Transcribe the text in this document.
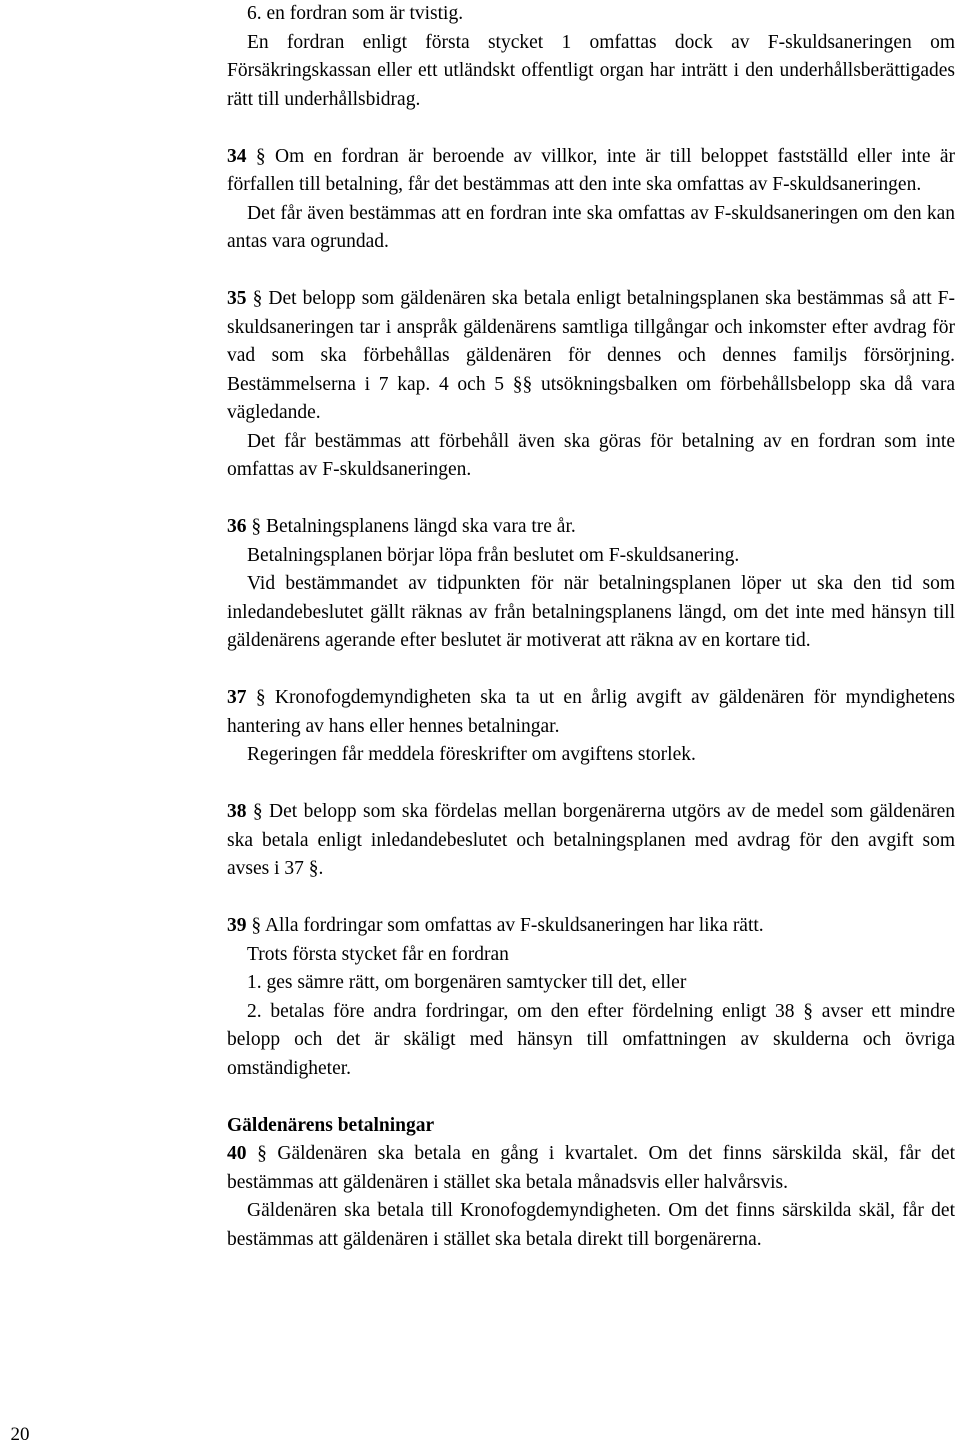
6. en fordran som är tvistig.

En fordran enligt första stycket 1 omfattas dock av F-skuldsaneringen om Försäkringskassan eller ett utländskt offentligt organ har inträtt i den underhållsberättigades rätt till underhållsbidrag.

34 § Om en fordran är beroende av villkor, inte är till beloppet fastställd eller inte är förfallen till betalning, får det bestämmas att den inte ska omfattas av F-skuldsaneringen.

Det får även bestämmas att en fordran inte ska omfattas av F-skuldsaneringen om den kan antas vara ogrundad.

35 § Det belopp som gäldenären ska betala enligt betalningsplanen ska bestämmas så att F-skuldsaneringen tar i anspråk gäldenärens samtliga tillgångar och inkomster efter avdrag för vad som ska förbehållas gäldenären för dennes och dennes familjs försörjning. Bestämmelserna i 7 kap. 4 och 5 §§ utsökningsbalken om förbehållsbelopp ska då vara vägledande.

Det får bestämmas att förbehåll även ska göras för betalning av en fordran som inte omfattas av F-skuldsaneringen.

36 § Betalningsplanens längd ska vara tre år.

Betalningsplanen börjar löpa från beslutet om F-skuldsanering.

Vid bestämmandet av tidpunkten för när betalningsplanen löper ut ska den tid som inledandebeslutet gällt räknas av från betalningsplanens längd, om det inte med hänsyn till gäldenärens agerande efter beslutet är motiverat att räkna av en kortare tid.

37 § Kronofogdemyndigheten ska ta ut en årlig avgift av gäldenären för myndighetens hantering av hans eller hennes betalningar.

Regeringen får meddela föreskrifter om avgiftens storlek.

38 § Det belopp som ska fördelas mellan borgenärerna utgörs av de medel som gäldenären ska betala enligt inledandebeslutet och betalningsplanen med avdrag för den avgift som avses i 37 §.

39 § Alla fordringar som omfattas av F-skuldsaneringen har lika rätt.

Trots första stycket får en fordran

1. ges sämre rätt, om borgenären samtycker till det, eller

2. betalas före andra fordringar, om den efter fördelning enligt 38 § avser ett mindre belopp och det är skäligt med hänsyn till omfattningen av skulderna och övriga omständigheter.

Gäldenärens betalningar

40 § Gäldenären ska betala en gång i kvartalet. Om det finns särskilda skäl, får det bestämmas att gäldenären i stället ska betala månadsvis eller halvårsvis.

Gäldenären ska betala till Kronofogdemyndigheten. Om det finns särskilda skäl, får det bestämmas att gäldenären i stället ska betala direkt till borgenärerna.

20
